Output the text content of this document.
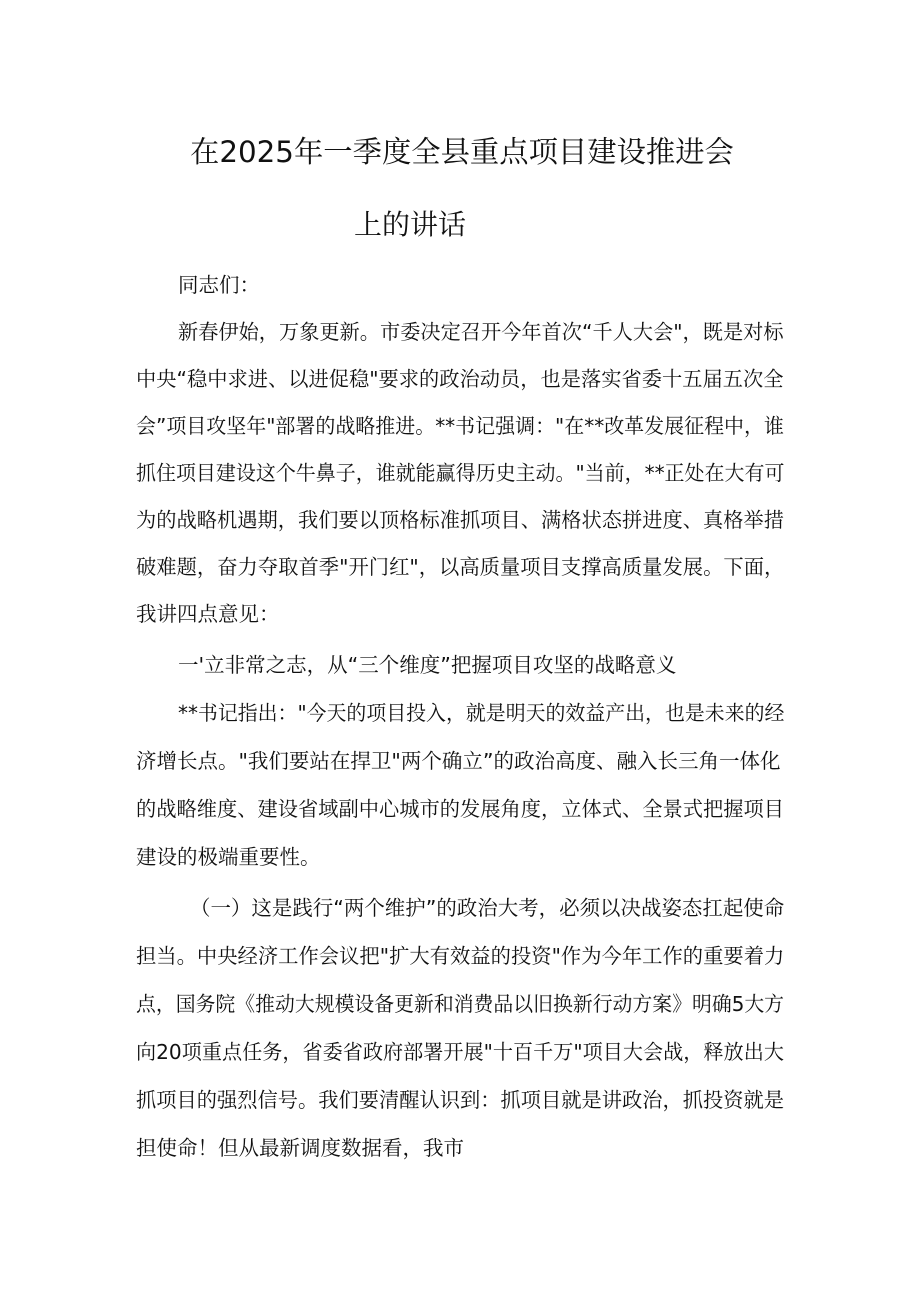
在2025年一季度全县重点项目建设推进会
上的讲话
同志们：
新春伊始，万象更新。市委决定召开今年首次“千人大会"，既是对标
中央“稳中求进、以进促稳"要求的政治动员，也是落实省委十五届五次全
会”项目攻坚年"部署的战略推进。**书记强调："在**改革发展征程中，谁
抓住项目建设这个牛鼻子，谁就能赢得历史主动。"当前，**正处在大有可
为的战略机遇期，我们要以顶格标准抓项目、满格状态拼进度、真格举措
破难题，奋力夺取首季"开门红"，以高质量项目支撑高质量发展。下面，
我讲四点意见：
一'立非常之志，从“三个维度”把握项目攻坚的战略意义
**书记指出："今天的项目投入，就是明天的效益产出，也是未来的经
济增长点。"我们要站在捍卫"两个确立”的政治高度、融入长三角一体化
的战略维度、建设省域副中心城市的发展角度，立体式、全景式把握项目
建设的极端重要性。
（一）这是践行“两个维护”的政治大考，必须以决战姿态扛起使命
担当。中央经济工作会议把"扩大有效益的投资"作为今年工作的重要着力
点，国务院《推动大规模设备更新和消费品以旧换新行动方案》明确5大方
向20项重点任务，省委省政府部署开展"十百千万"项目大会战，释放出大
抓项目的强烈信号。我们要清醒认识到：抓项目就是讲政治，抓投资就是
担使命！但从最新调度数据看，我市
